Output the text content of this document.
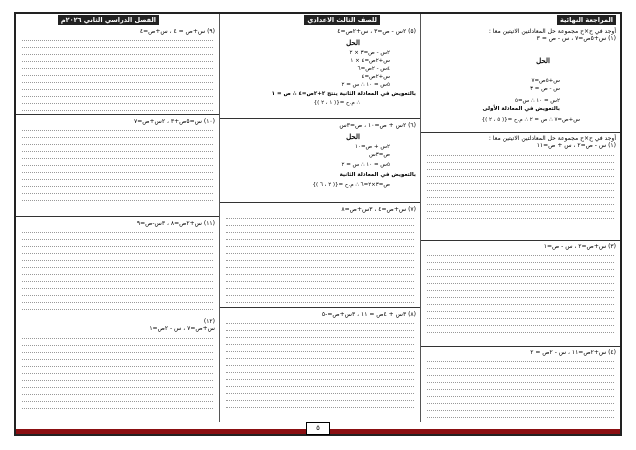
المراجعة النهائية
أوجد في ح×ح مجموعة حل المعادلتين الاتيتين معا :
(١) س+٥ص=٧ ، س - ص = ٣
الحل
س+٥ص=٧
س - ص = ٣
٢س = ١٠ ∴ س=٥
بالتعويض في المعادلة الأولى
س+ص=٧ ∴ ص = ٢ ∴ م.ح ={( ٥ ، ٢ )}
أوجد في ح×ح مجموعة حل المعادلتين الاتيتين معا :
(١) س - ص=٢ ، س + ص=١١
(٣) س+ص=٢ ، س - ص=١
(٤) س+٢ص=١١ ، س - ٢ص = ٢
للصف الثالث الاعدادي
(٥) ٢س - ص=٣ ، س+٢ص=٤
الحل
٢س - ص=٣ × ٢
س+٢ص=٤ × ١
٤س - ٢ص=٦
س+٢ص=٤
٥س = ١٠ ∴ س = ٢
بالتعويض في المعادلة الثانية ينتج ٢+٢ص=٤ ∴ ص = ١
∴ م.ح ={( ١ ، ٢ )}
(٦) ٢س + ص=١٠ ، ص=٣س
الحل
٢س + ص=١٠
ص=٣س
٥س = ١٠ ∴ س = ٢
بالتعويض في المعادلة الثانية
ص=٣×٢=٦ ∴ م.ح ={( ٢ ، ٦ )}
(٧) س+ص=٤ ، ٣س+ص=٨
(٨) ٣س + ٤ص = ١١ ، ٣س+ص=-٥
الفصل الدراسي الثاني ٢٠٢٦م
(٩) س+ص = ٤ ، س+ص=٤
(١٠) س=٥ص+٣ ، ٢س+ص=٧
(١١) س+٢ص=٨ ، ٣س-ص=٩
(١٢)
س+ص=٧ ، س - ٢ص=١
٥
